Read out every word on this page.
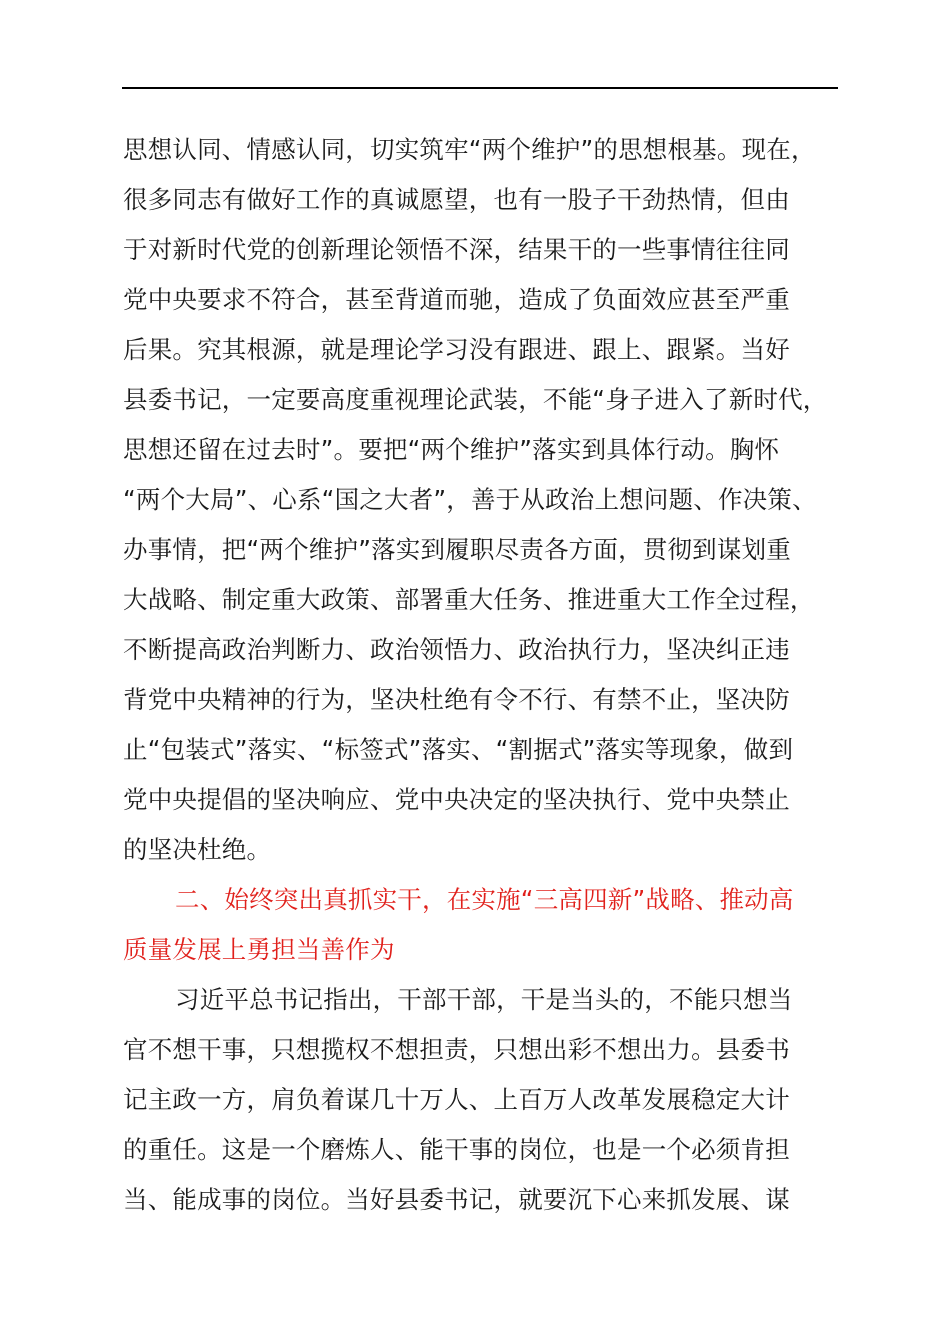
思想认同、情感认同，切实筑牢“两个维护”的思想根基。现在，
很多同志有做好工作的真诚愿望，也有一股子干劲热情，但由
于对新时代党的创新理论领悟不深，结果干的一些事情往往同
党中央要求不符合，甚至背道而驰，造成了负面效应甚至严重
后果。究其根源，就是理论学习没有跟进、跟上、跟紧。当好
县委书记，一定要高度重视理论武装，不能“身子进入了新时代，
思想还留在过去时”。要把“两个维护”落实到具体行动。胸怀
“两个大局”、心系“国之大者”，善于从政治上想问题、作决策、
办事情，把“两个维护”落实到履职尽责各方面，贯彻到谋划重
大战略、制定重大政策、部署重大任务、推进重大工作全过程，
不断提高政治判断力、政治领悟力、政治执行力，坚决纠正违
背党中央精神的行为，坚决杜绝有令不行、有禁不止，坚决防
止“包装式”落实、“标签式”落实、“割据式”落实等现象，做到
党中央提倡的坚决响应、党中央决定的坚决执行、党中央禁止
的坚决杜绝。
二、始终突出真抓实干，在实施“三高四新”战略、推动高
质量发展上勇担当善作为
习近平总书记指出，干部干部，干是当头的，不能只想当
官不想干事，只想揽权不想担责，只想出彩不想出力。县委书
记主政一方，肩负着谋几十万人、上百万人改革发展稳定大计
的重任。这是一个磨炼人、能干事的岗位，也是一个必须肯担
当、能成事的岗位。当好县委书记，就要沉下心来抓发展、谋
